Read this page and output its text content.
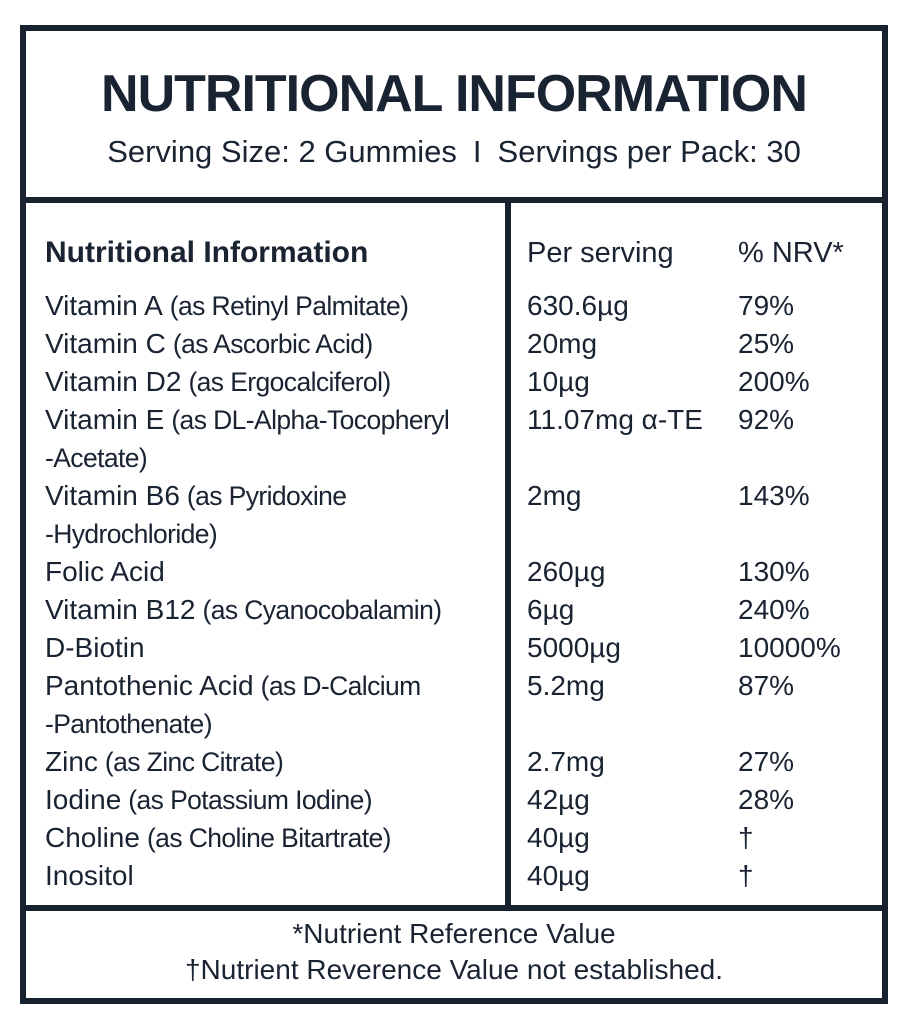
NUTRITIONAL INFORMATION
Serving Size: 2 Gummies I Servings per Pack: 30
Nutritional Information	Per serving	% NRV*
Vitamin A (as Retinyl Palmitate)	630.6µg	79%
Vitamin C (as Ascorbic Acid)	20mg	25%
Vitamin D2 (as Ergocalciferol)	10µg	200%
Vitamin E (as DL-Alpha-Tocopheryl
-Acetate)
11.07mg α-TE	92%
Vitamin B6 (as Pyridoxine
-Hydrochloride)
2mg	143%
Folic Acid	260µg	130%
Vitamin B12 (as Cyanocobalamin)	6µg	240%
D-Biotin	5000µg	10000%
Pantothenic Acid (as D-Calcium
-Pantothenate)
5.2mg	87%
Zinc (as Zinc Citrate)	2.7mg	27%
Iodine (as Potassium Iodine)	42µg	28%
Choline (as Choline Bitartrate)	40µg	†
Inositol	40µg	†
*Nutrient Reference Value
†Nutrient Reverence Value not established.
